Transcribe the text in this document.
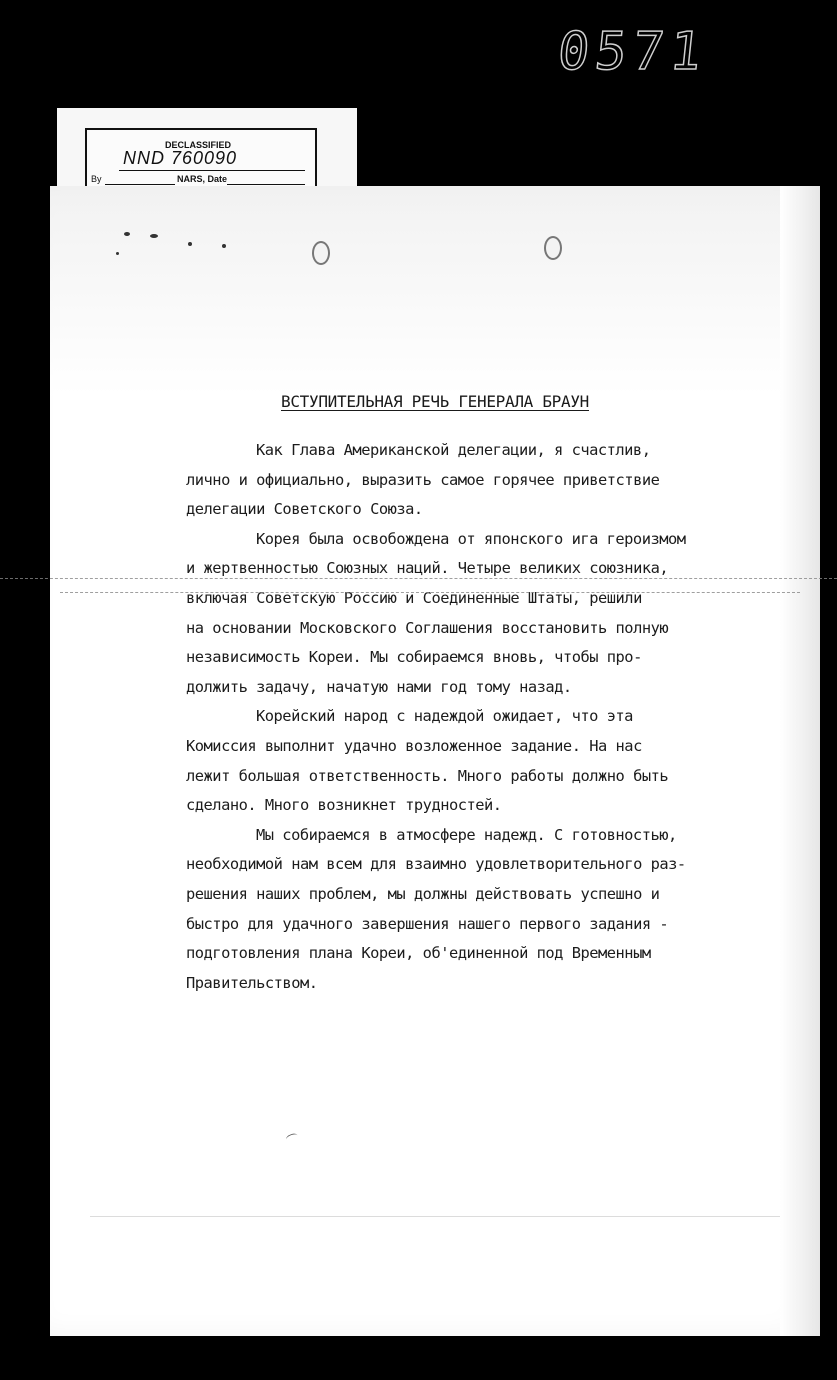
0571
DECLASSIFIED
NND 760090
By	NARS, Date
ВСТУПИТЕЛЬНАЯ РЕЧЬ ГЕНЕРАЛА БРАУН
Как Глава Американской делегации, я счастлив,
лично и официально, выразить самое горячее приветствие
делегации Советского Союза.
Корея была освобождена от японского ига героизмом
и жертвенностью Союзных наций. Четыре великих союзника,
включая Советскую Россию и Соединенные Штаты, решили
на основании Московского Соглашения восстановить полную
независимость Кореи. Мы собираемся вновь, чтобы про-
должить задачу, начатую нами год тому назад.
Корейский народ с надеждой ожидает, что эта
Комиссия выполнит удачно возложенное задание. На нас
лежит большая ответственность. Много работы должно быть
сделано. Много возникнет трудностей.
Мы собираемся в атмосфере надежд. С готовностью,
необходимой нам всем для взаимно удовлетворительного раз-
решения наших проблем, мы должны действовать успешно и
быстро для удачного завершения нашего первого задания -
подготовления плана Кореи, об'единенной под Временным
Правительством.
